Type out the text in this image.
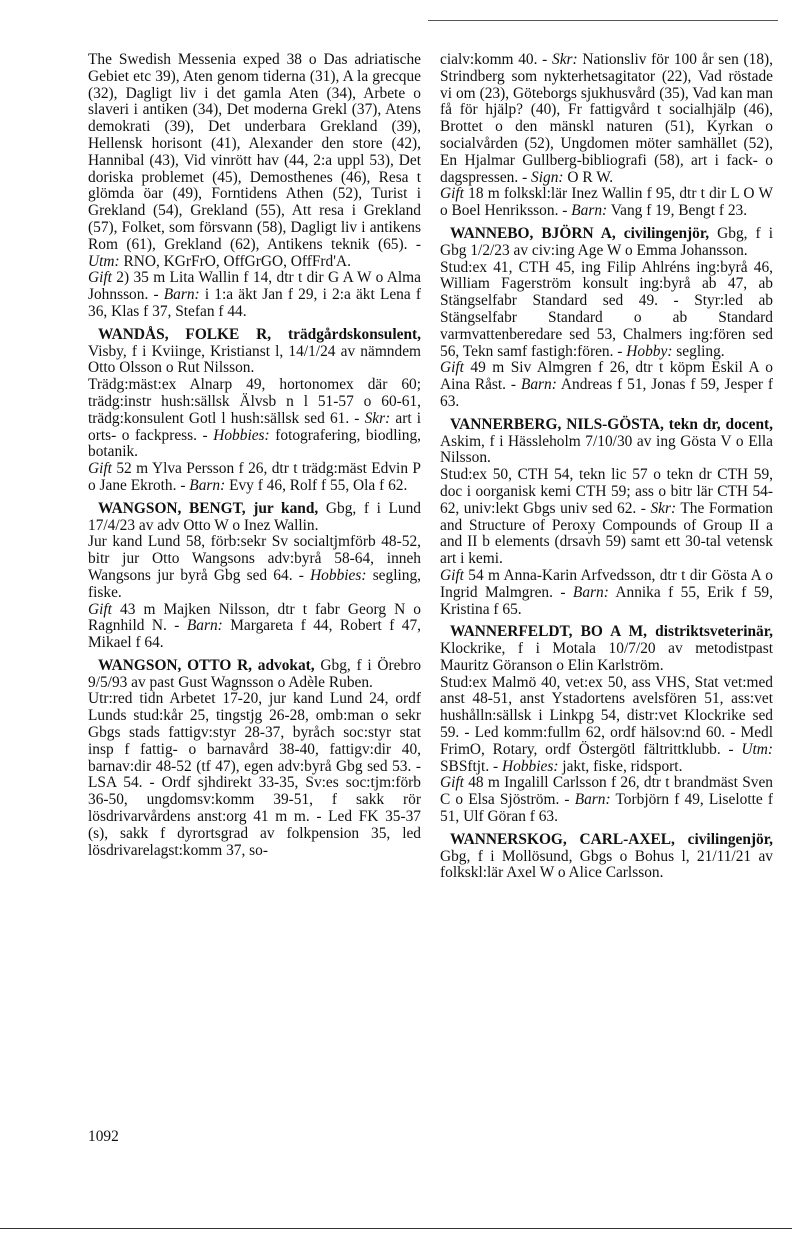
The Swedish Messenia exped 38 o Das adriatische Gebiet etc 39), Aten genom tiderna (31), A la grecque (32), Dagligt liv i det gamla Aten (34), Arbete o slaveri i antiken (34), Det moderna Grekl (37), Atens demokrati (39), Det underbara Grekland (39), Hellensk horisont (41), Alexander den store (42), Hannibal (43), Vid vinrött hav (44, 2:a uppl 53), Det doriska problemet (45), Demosthenes (46), Resa t glömda öar (49), Forntidens Athen (52), Turist i Grekland (54), Grekland (55), Att resa i Grekland (57), Folket, som försvann (58), Dagligt liv i antikens Rom (61), Grekland (62), Antikens teknik (65). - Utm: RNO, KGrFrO, OffGrGO, OffFrd'A.

Gift 2) 35 m Lita Wallin f 14, dtr t dir G A W o Alma Johnsson. - Barn: i 1:a äkt Jan f 29, i 2:a äkt Lena f 36, Klas f 37, Stefan f 44.

WANDÅS, FOLKE R, trädgårdskonsulent, Visby, f i Kviinge, Kristianst l, 14/1/24 av nämndem Otto Olsson o Rut Nilsson.

Trädg:mäst:ex Alnarp 49, hortonomex där 60; trädg:instr hush:sällsk Älvsb n l 51-57 o 60-61, trädg:konsulent Gotl l hush:sällsk sed 61. - Skr: art i orts- o fackpress. - Hobbies: fotografering, biodling, botanik.

Gift 52 m Ylva Persson f 26, dtr t trädg:mäst Edvin P o Jane Ekroth. - Barn: Evy f 46, Rolf f 55, Ola f 62.

WANGSON, BENGT, jur kand, Gbg, f i Lund 17/4/23 av adv Otto W o Inez Wallin.

Jur kand Lund 58, förb:sekr Sv socialtjmförb 48-52, bitr jur Otto Wangsons adv:byrå 58-64, inneh Wangsons jur byrå Gbg sed 64. - Hobbies: segling, fiske.

Gift 43 m Majken Nilsson, dtr t fabr Georg N o Ragnhild N. - Barn: Margareta f 44, Robert f 47, Mikael f 64.

WANGSON, OTTO R, advokat, Gbg, f i Örebro 9/5/93 av past Gust Wagnsson o Adèle Ruben.

Utr:red tidn Arbetet 17-20, jur kand Lund 24, ordf Lunds stud:kår 25, tingstjg 26-28, omb:man o sekr Gbgs stads fattigv:styr 28-37, byråch soc:styr stat insp f fattig- o barnavård 38-40, fattigv:dir 40, barnav:dir 48-52 (tf 47), egen adv:byrå Gbg sed 53. - LSA 54. - Ordf sjhdirekt 33-35, Sv:es soc:tjm:förb 36-50, ungdomsv:komm 39-51, f sakk rör lösdrivarvårdens anst:org 41 m m. - Led FK 35-37 (s), sakk f dyrortsgrad av folkpension 35, led lösdrivarelagst:komm 37, so-

cialv:komm 40. - Skr: Nationsliv för 100 år sen (18), Strindberg som nykterhetsagitator (22), Vad röstade vi om (23), Göteborgs sjukhusvård (35), Vad kan man få för hjälp? (40), Fr fattigvård t socialhjälp (46), Brottet o den mänskl naturen (51), Kyrkan o socialvården (52), Ungdomen möter samhället (52), En Hjalmar Gullberg-bibliografi (58), art i fack- o dagspressen. - Sign: O R W.

Gift 18 m folkskl:lär Inez Wallin f 95, dtr t dir L O W o Boel Henriksson. - Barn: Vang f 19, Bengt f 23.

WANNEBO, BJÖRN A, civilingenjör, Gbg, f i Gbg 1/2/23 av civ:ing Age W o Emma Johansson.

Stud:ex 41, CTH 45, ing Filip Ahlréns ing:byrå 46, William Fagerström konsult ing:byrå ab 47, ab Stängselfabr Standard sed 49. - Styr:led ab Stängselfabr Standard o ab Standard varmvattenberedare sed 53, Chalmers ing:fören sed 56, Tekn samf fastigh:fören. - Hobby: segling.

Gift 49 m Siv Almgren f 26, dtr t köpm Eskil A o Aina Råst. - Barn: Andreas f 51, Jonas f 59, Jesper f 63.

VANNERBERG, NILS-GÖSTA, tekn dr, docent, Askim, f i Hässleholm 7/10/30 av ing Gösta V o Ella Nilsson.

Stud:ex 50, CTH 54, tekn lic 57 o tekn dr CTH 59, doc i oorganisk kemi CTH 59; ass o bitr lär CTH 54-62, univ:lekt Gbgs univ sed 62. - Skr: The Formation and Structure of Peroxy Compounds of Group II a and II b elements (drsavh 59) samt ett 30-tal vetensk art i kemi.

Gift 54 m Anna-Karin Arfvedsson, dtr t dir Gösta A o Ingrid Malmgren. - Barn: Annika f 55, Erik f 59, Kristina f 65.

WANNERFELDT, BO A M, distriktsveterinär, Klockrike, f i Motala 10/7/20 av metodistpast Mauritz Göranson o Elin Karlström.

Stud:ex Malmö 40, vet:ex 50, ass VHS, Stat vet:med anst 48-51, anst Ystadortens avelsfören 51, ass:vet hushålln:sällsk i Linkpg 54, distr:vet Klockrike sed 59. - Led komm:fullm 62, ordf hälsov:nd 60. - Medl FrimO, Rotary, ordf Östergötl fältrittklubb. - Utm: SBSftjt. - Hobbies: jakt, fiske, ridsport.

Gift 48 m Ingalill Carlsson f 26, dtr t brandmäst Sven C o Elsa Sjöström. - Barn: Torbjörn f 49, Liselotte f 51, Ulf Göran f 63.

WANNERSKOG, CARL-AXEL, civilingenjör, Gbg, f i Mollösund, Gbgs o Bohus l, 21/11/21 av folkskl:lär Axel W o Alice Carlsson.

1092
